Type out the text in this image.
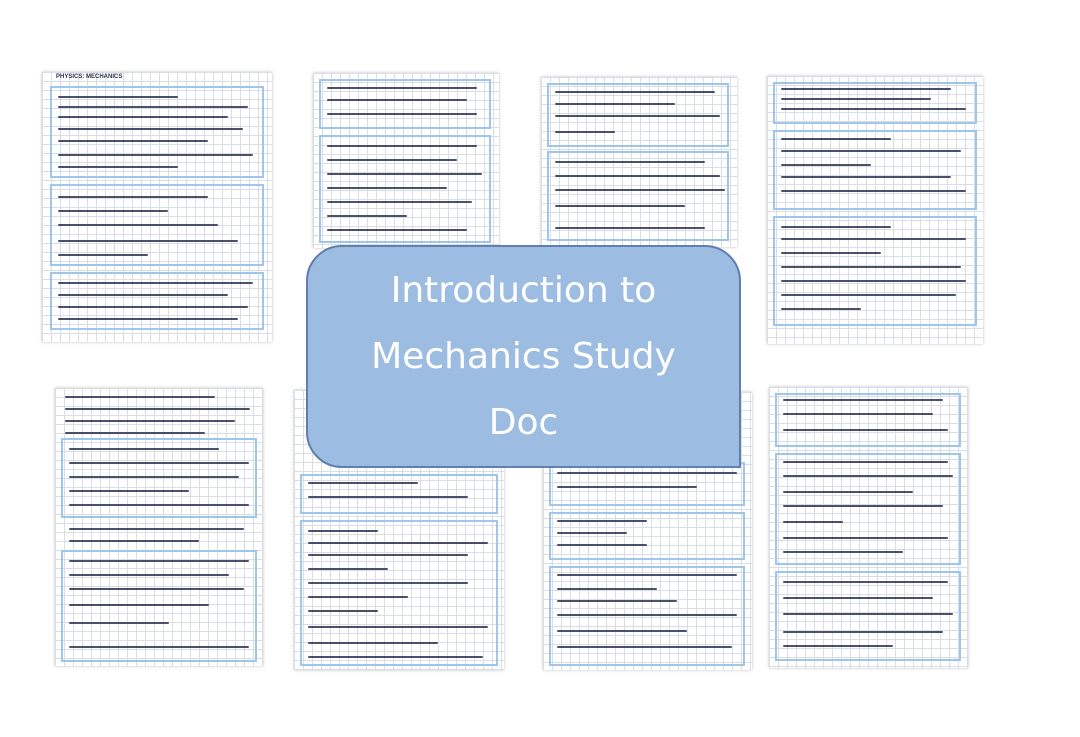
PHYSICS: MECHANICS
Introduction to
Mechanics Study
Doc
